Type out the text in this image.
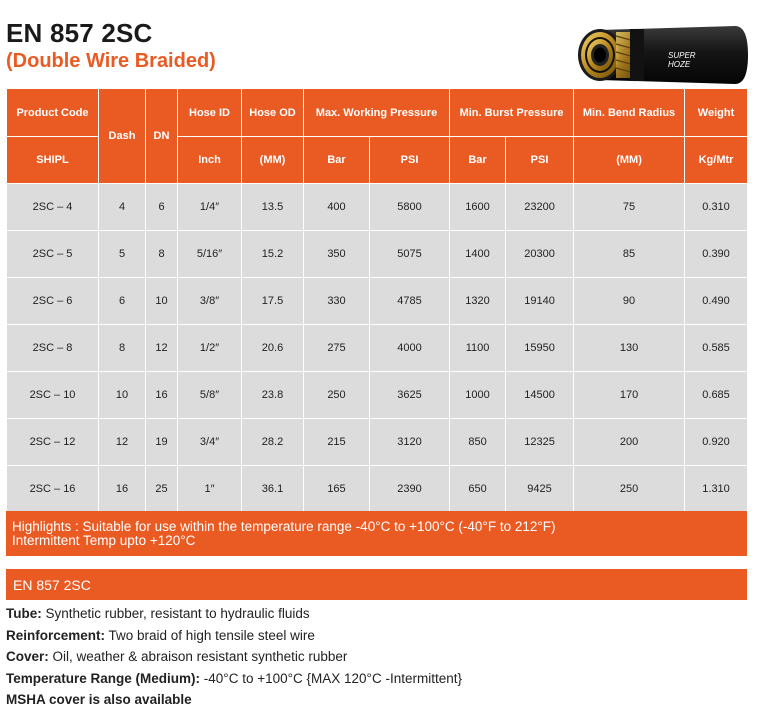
EN 857 2SC
(Double Wire Braided)	SUPER
HOZE
Product Code	Dash	DN	Hose ID	Hose OD	Max. Working Pressure		Min. Burst Pressure		Min. Bend Radius	Weight
SHIPL			Inch	(MM)	Bar	PSI	Bar	PSI	(MM)	Kg/Mtr
2SC – 4	4	6	1/4″	13.5	400	5800	1600	23200	75	0.310
2SC – 5	5	8	5/16″	15.2	350	5075	1400	20300	85	0.390
2SC – 6	6	10	3/8″	17.5	330	4785	1320	19140	90	0.490
2SC – 8	8	12	1/2″	20.6	275	4000	1100	15950	130	0.585
2SC – 10	10	16	5/8″	23.8	250	3625	1000	14500	170	0.685
2SC – 12	12	19	3/4″	28.2	215	3120	850	12325	200	0.920
2SC – 16	16	25	1″	36.1	165	2390	650	9425	250	1.310
Highlights : Suitable for use within the temperature range -40°C to +100°C (-40°F to 212°F)
Intermittent Temp upto +120°C
EN 857 2SC
Tube: Synthetic rubber, resistant to hydraulic fluids
Reinforcement: Two braid of high tensile steel wire
Cover: Oil, weather & abraison resistant synthetic rubber
Temperature Range (Medium): -40°C to +100°C {MAX 120°C -Intermittent}
MSHA cover is also available
